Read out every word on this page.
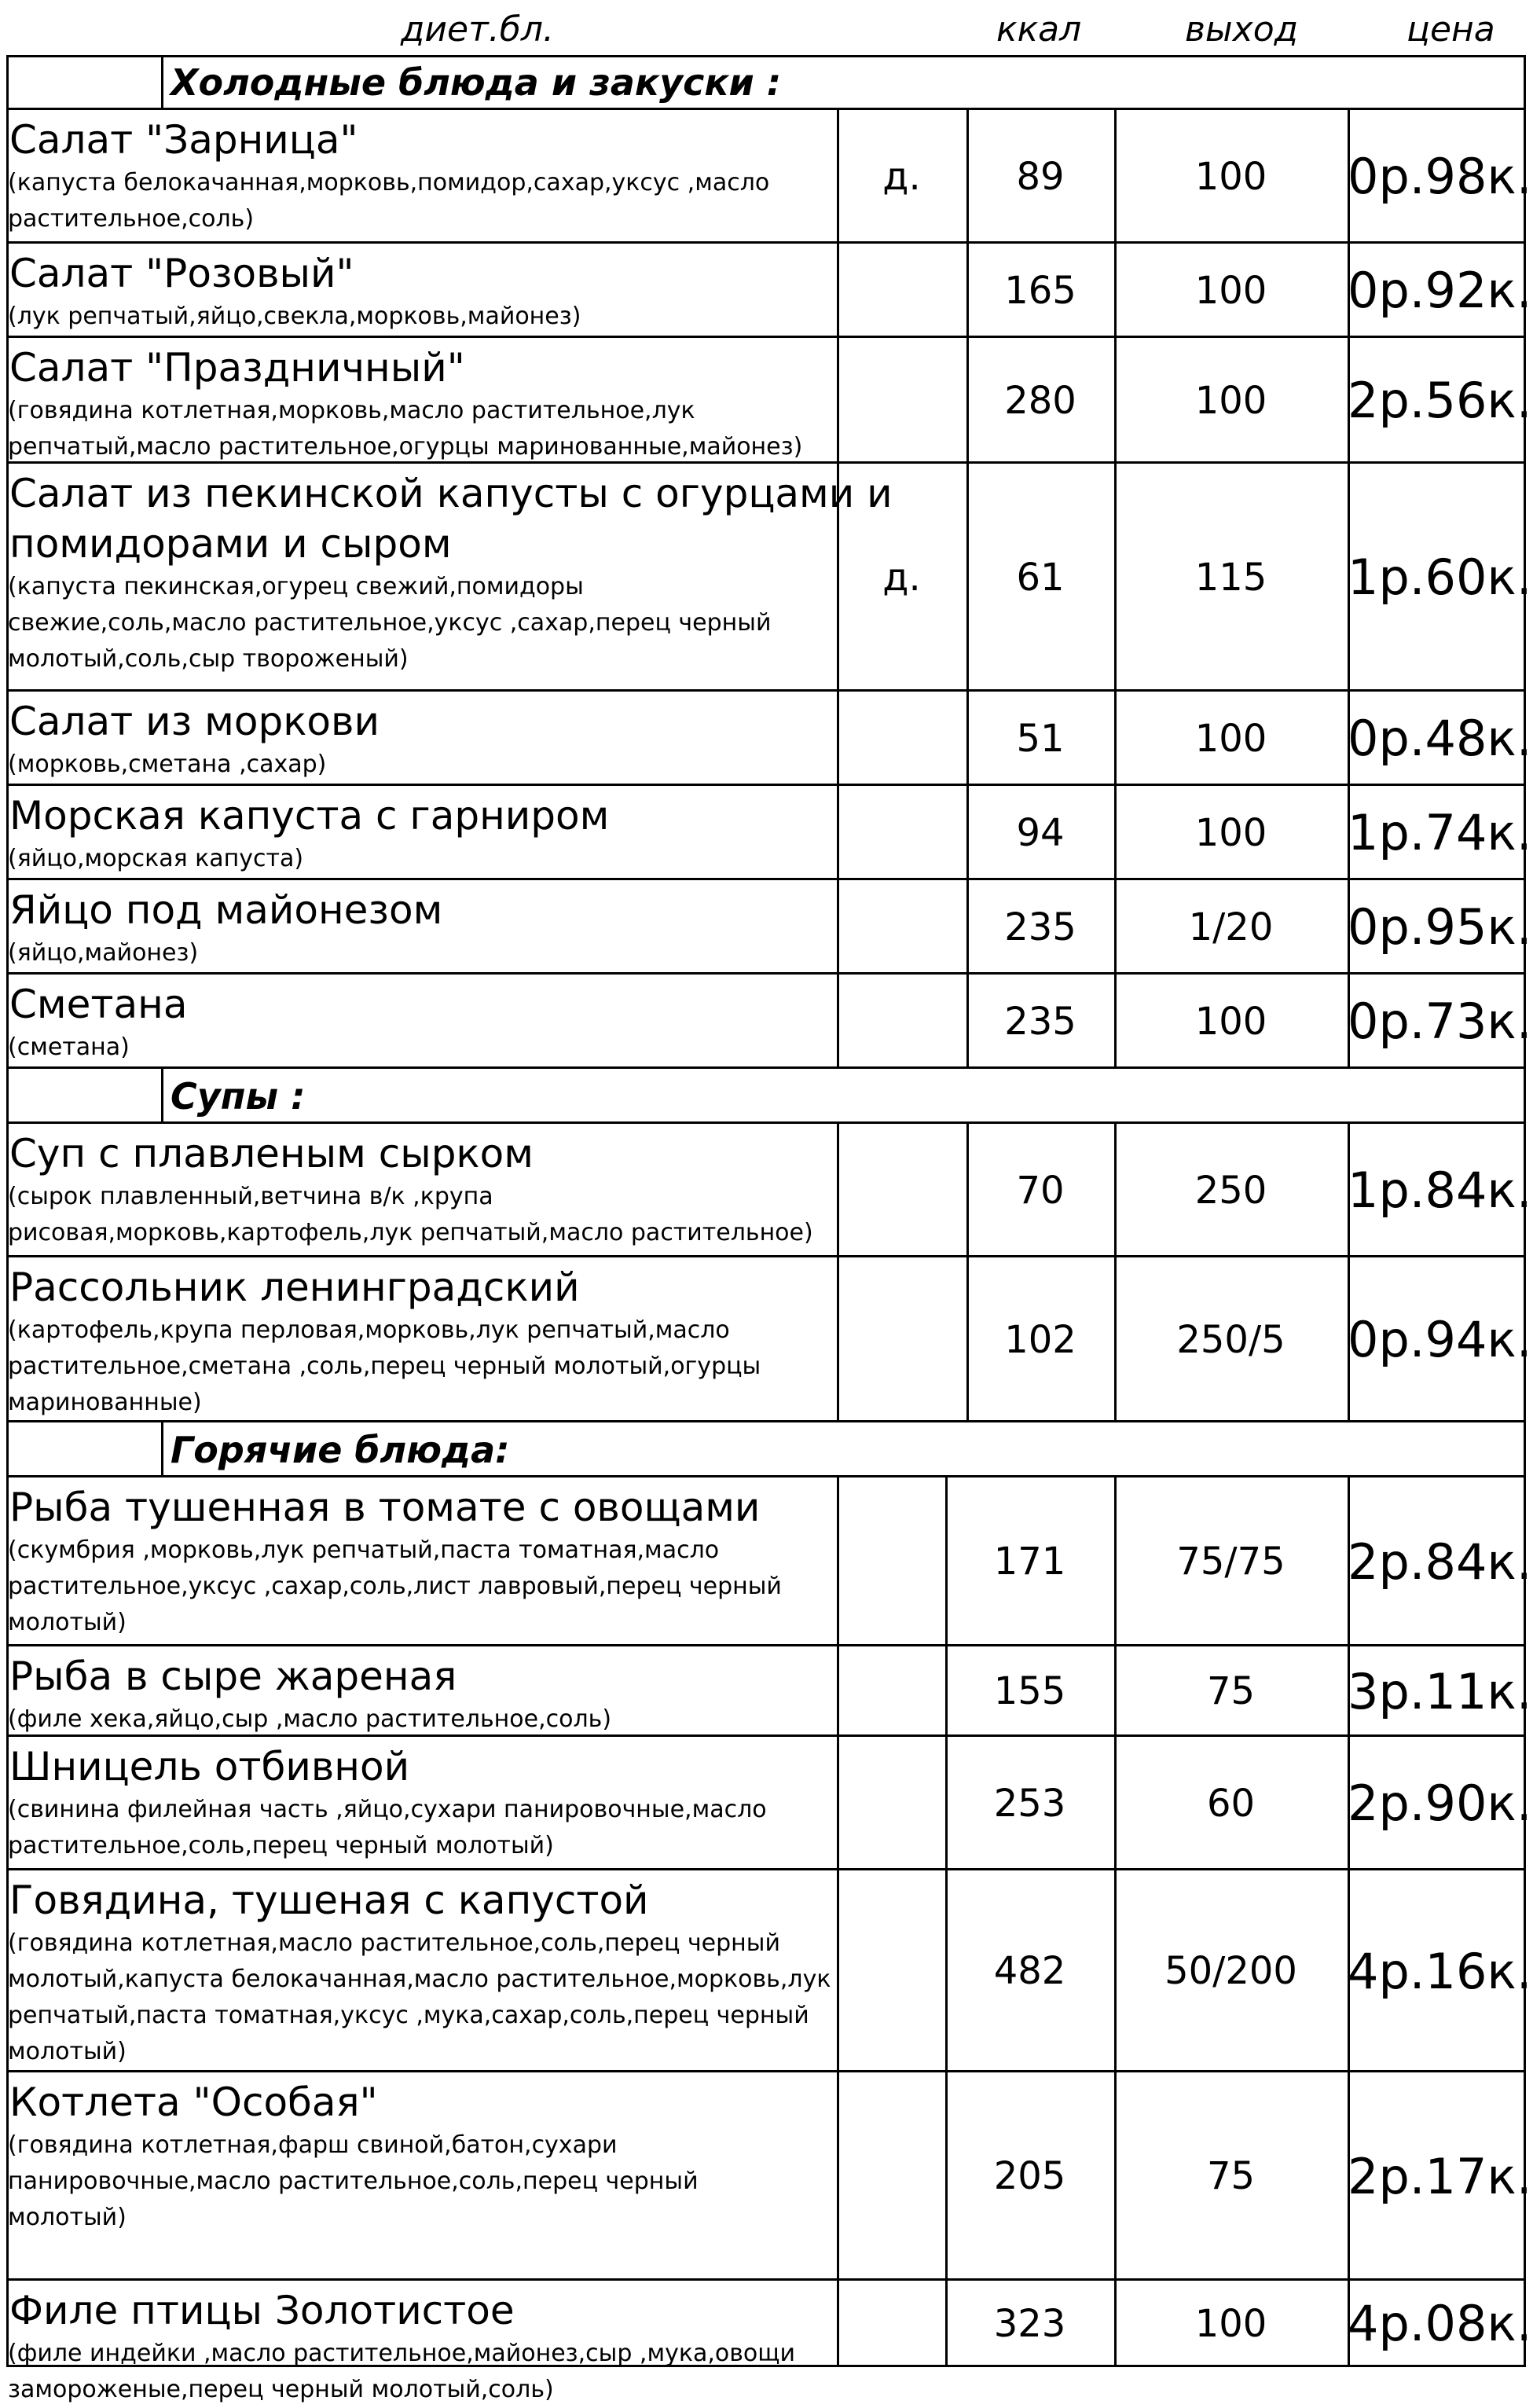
диет.бл.	ккал	выход	цена
Холодные блюда и закуски :
Салат "Зарница"
(капуста белокачанная,морковь,помидор,сахар,уксус ,масло
растительное,соль)
д.	89	100	0р.98к.
Салат "Розовый"
(лук репчатый,яйцо,свекла,морковь,майонез)
165	100	0р.92к.
Салат "Праздничный"
(говядина котлетная,морковь,масло растительное,лук
репчатый,масло растительное,огурцы маринованные,майонез)
280	100	2р.56к.
Салат из пекинской капусты с огурцами и
помидорами и сыром
(капуста пекинская,огурец свежий,помидоры
свежие,соль,масло растительное,уксус ,сахар,перец черный
молотый,соль,сыр твороженый)
д.	61	115	1р.60к.
Салат из моркови
(морковь,сметана ,сахар)
51	100	0р.48к.
Морская капуста с гарниром
(яйцо,морская капуста)
94	100	1р.74к.
Яйцо под майонезом
(яйцо,майонез)
235	1/20	0р.95к.
Сметана
(сметана)
235	100	0р.73к.
Супы :
Суп с плавленым сырком
(сырок плавленный,ветчина в/к ,крупа
рисовая,морковь,картофель,лук репчатый,масло растительное)
70	250	1р.84к.
Рассольник ленинградский
(картофель,крупа перловая,морковь,лук репчатый,масло
растительное,сметана ,соль,перец черный молотый,огурцы
маринованные)
102	250/5	0р.94к.
Горячие блюда:
Рыба тушенная в томате с овощами
(скумбрия ,морковь,лук репчатый,паста томатная,масло
растительное,уксус ,сахар,соль,лист лавровый,перец черный
молотый)
171	75/75	2р.84к.
Рыба в сыре жареная
(филе хека,яйцо,сыр ,масло растительное,соль)
155	75	3р.11к.
Шницель отбивной
(свинина филейная часть ,яйцо,сухари панировочные,масло
растительное,соль,перец черный молотый)
253	60	2р.90к.
Говядина, тушеная с капустой
(говядина котлетная,масло растительное,соль,перец черный
молотый,капуста белокачанная,масло растительное,морковь,лук
репчатый,паста томатная,уксус ,мука,сахар,соль,перец черный
молотый)
482	50/200	4р.16к.
Котлета "Особая"
(говядина котлетная,фарш свиной,батон,сухари
панировочные,масло растительное,соль,перец черный
молотый)
205	75	2р.17к.
Филе птицы Золотистое
(филе индейки ,масло растительное,майонез,сыр ,мука,овощи
замороженые,перец черный молотый,соль)
323	100	4р.08к.
